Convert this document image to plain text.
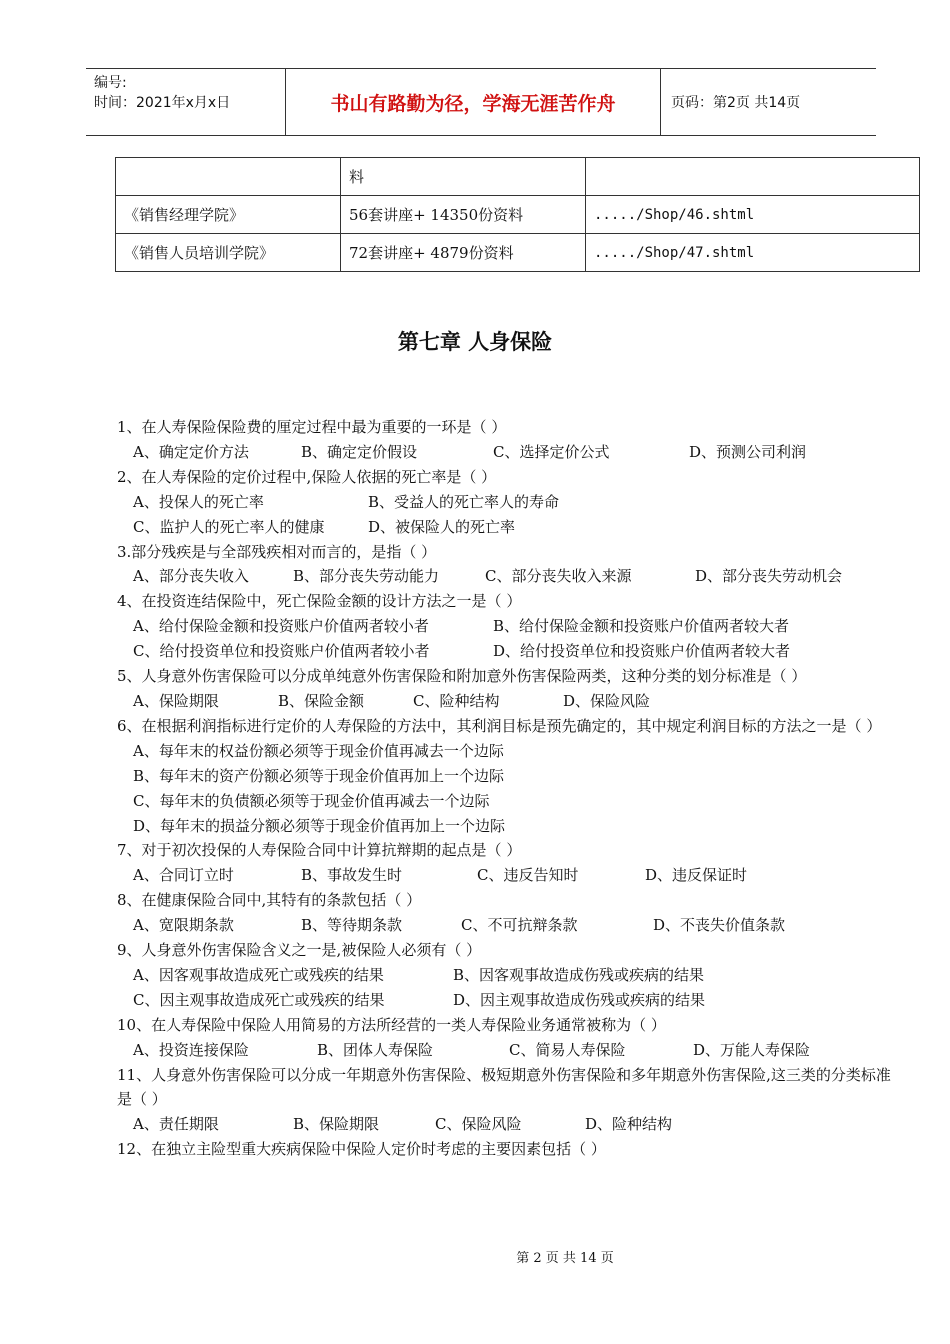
编号:
时间：2021年x月x日	书山有路勤为径，学海无涯苦作舟	页码：第2页 共14页
	料	
《销售经理学院》	56套讲座+ 14350份资料	...../Shop/46.shtml
《销售人员培训学院》	72套讲座+ 4879份资料	...../Shop/47.shtml
第七章 人身保险
1、在人寿保险保险费的厘定过程中最为重要的一环是（ ）
A、确定定价方法	B、确定定价假设	C、选择定价公式	D、预测公司利润
2、在人寿保险的定价过程中,保险人依据的死亡率是（ ）
A、投保人的死亡率	B、受益人的死亡率人的寿命
C、监护人的死亡率人的健康	D、被保险人的死亡率
3.部分残疾是与全部残疾相对而言的，是指（ ）
A、部分丧失收入	B、部分丧失劳动能力	C、部分丧失收入来源	D、部分丧失劳动机会
4、在投资连结保险中，死亡保险金额的设计方法之一是（ ）
A、给付保险金额和投资账户价值两者较小者	B、给付保险金额和投资账户价值两者较大者
C、给付投资单位和投资账户价值两者较小者	D、给付投资单位和投资账户价值两者较大者
5、人身意外伤害保险可以分成单纯意外伤害保险和附加意外伤害保险两类，这种分类的划分标准是（ ）
A、保险期限	B、保险金额	C、险种结构	D、保险风险
6、在根据利润指标进行定价的人寿保险的方法中，其利润目标是预先确定的，其中规定利润目标的方法之一是（ ）
A、每年末的权益份额必须等于现金价值再减去一个边际
B、每年末的资产份额必须等于现金价值再加上一个边际
C、每年末的负债额必须等于现金价值再减去一个边际
D、每年末的损益分额必须等于现金价值再加上一个边际
7、对于初次投保的人寿保险合同中计算抗辩期的起点是（ ）
A、合同订立时	B、事故发生时	C、违反告知时	D、违反保证时
8、在健康保险合同中,其特有的条款包括（ ）
A、宽限期条款	B、等待期条款	C、不可抗辩条款	D、不丧失价值条款
9、人身意外伤害保险含义之一是,被保险人必须有（ ）
A、因客观事故造成死亡或残疾的结果	B、因客观事故造成伤残或疾病的结果
C、因主观事故造成死亡或残疾的结果	D、因主观事故造成伤残或疾病的结果
10、在人寿保险中保险人用简易的方法所经营的一类人寿保险业务通常被称为（ ）
A、投资连接保险	B、团体人寿保险	C、简易人寿保险	D、万能人寿保险
11、人身意外伤害保险可以分成一年期意外伤害保险、极短期意外伤害保险和多年期意外伤害保险,这三类的分类标准是（ ）
A、责任期限	B、保险期限	C、保险风险	D、险种结构
12、在独立主险型重大疾病保险中保险人定价时考虑的主要因素包括（ ）
第 2 页 共 14 页
